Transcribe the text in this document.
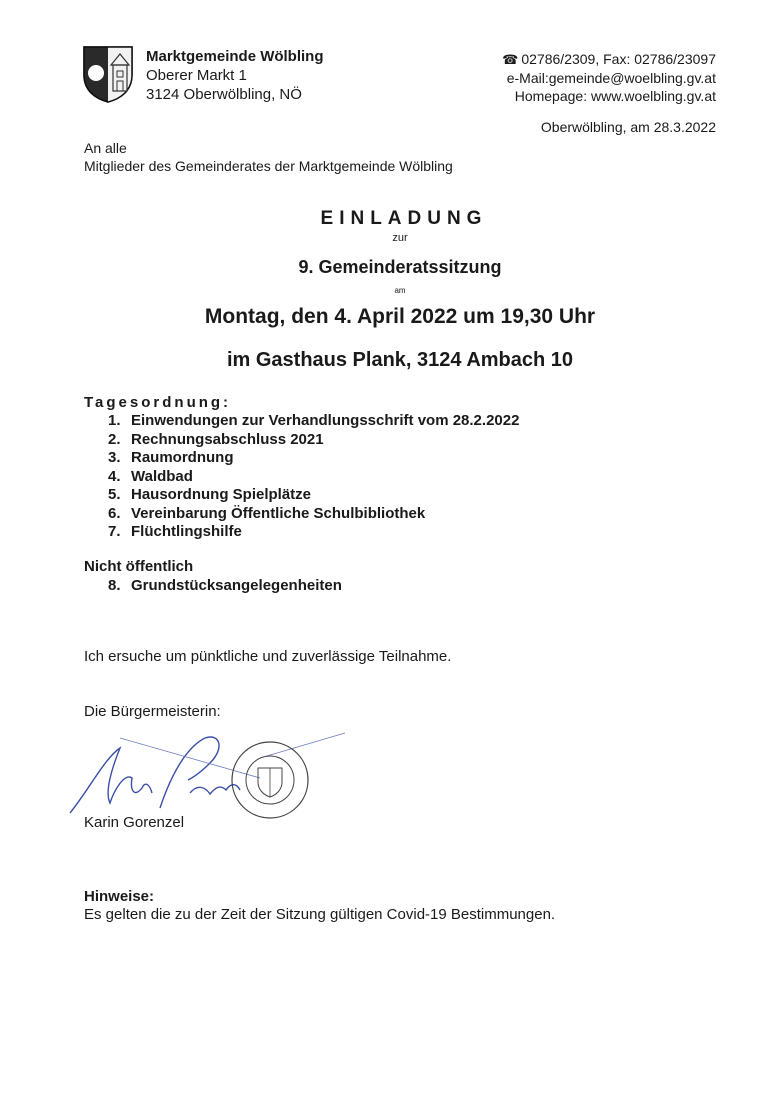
Marktgemeinde Wölbling
Oberer Markt 1
3124 Oberwölbling, NÖ
☎ 02786/2309, Fax: 02786/23097
e-Mail:gemeinde@woelbling.gv.at
Homepage: www.woelbling.gv.at
Oberwölbling, am 28.3.2022
An alle
Mitglieder des Gemeinderates der Marktgemeinde Wölbling
EINLADUNG
zur
9. Gemeinderatssitzung
am
Montag, den 4. April 2022 um 19,30 Uhr
im Gasthaus Plank, 3124 Ambach 10
Tagesordnung:
1. Einwendungen zur Verhandlungsschrift vom 28.2.2022
2. Rechnungsabschluss 2021
3. Raumordnung
4. Waldbad
5. Hausordnung Spielplätze
6. Vereinbarung Öffentliche Schulbibliothek
7. Flüchtlingshilfe
Nicht öffentlich
8. Grundstücksangelegenheiten
Ich ersuche um pünktliche und zuverlässige Teilnahme.
Die Bürgermeisterin:
Karin Gorenzel
Hinweise:
Es gelten die zu der Zeit der Sitzung gültigen Covid-19 Bestimmungen.
